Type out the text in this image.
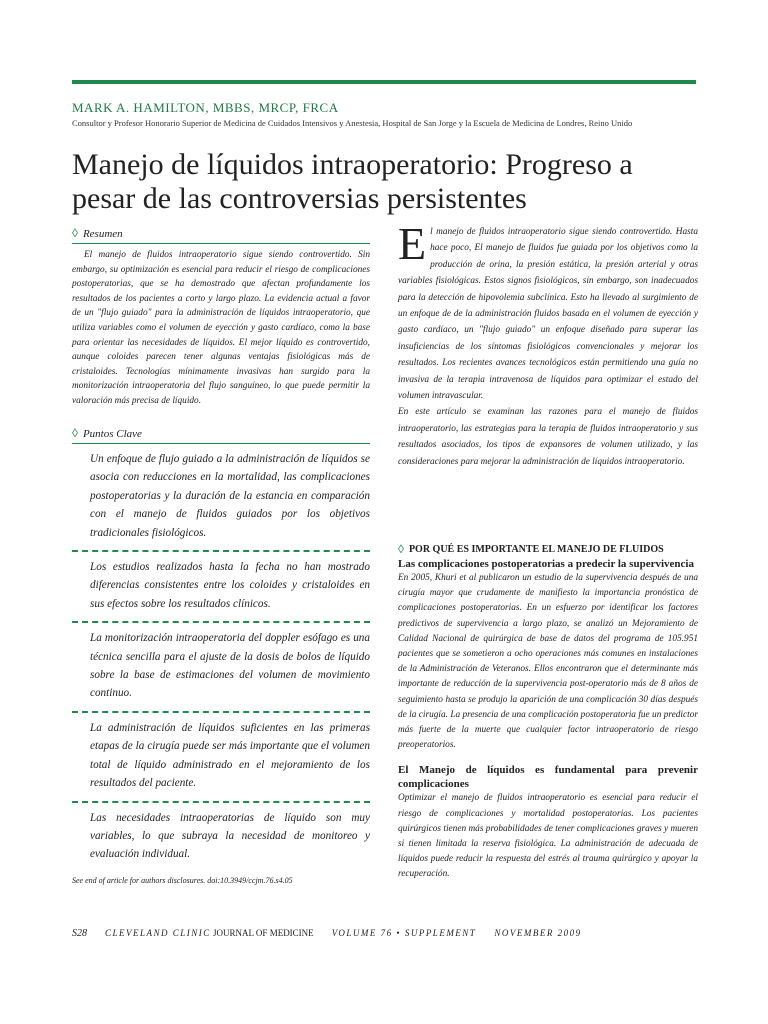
MARK A. HAMILTON, MBBS, MRCP, FRCA
Consultor y Profesor Honorario Superior de Medicina de Cuidados Intensivos y Anestesia, Hospital de San Jorge y la Escuela de Medicina de Londres, Reino Unido
Manejo de líquidos intraoperatorio: Progreso a pesar de las controversias persistentes
◊ Resumen
El manejo de fluidos intraoperatorio sigue siendo controvertido. Sin embargo, su optimización es esencial para reducir el riesgo de complicaciones postoperatorias, que se ha demostrado que afectan profundamente los resultados de los pacientes a corto y largo plazo. La evidencia actual a favor de un "flujo guiado" para la administración de líquidos intraoperatorio, que utiliza variables como el volumen de eyección y gasto cardíaco, como la base para orientar las necesidades de líquidos. El mejor líquido es controvertido, aunque coloides parecen tener algunas ventajas fisiológicas más de cristaloides. Tecnologías mínimamente invasivas han surgido para la monitorización intraoperatoria del flujo sanguíneo, lo que puede permitir la valoración más precisa de líquido.
◊ Puntos Clave
Un enfoque de flujo guiado a la administración de líquidos se asocia con reducciones en la mortalidad, las complicaciones postoperatorias y la duración de la estancia en comparación con el manejo de fluidos guiados por los objetivos tradicionales fisiológicos.
Los estudios realizados hasta la fecha no han mostrado diferencias consistentes entre los coloides y cristaloides en sus efectos sobre los resultados clínicos.
La monitorización intraoperatoria del doppler esófago es una técnica sencilla para el ajuste de la dosis de bolos de líquido sobre la base de estimaciones del volumen de movimiento continuo.
La administración de líquidos suficientes en las primeras etapas de la cirugía puede ser más importante que el volumen total de líquido administrado en el mejoramiento de los resultados del paciente.
Las necesidades intraoperatorias de líquido son muy variables, lo que subraya la necesidad de monitoreo y evaluación individual.
See end of article for authors disclosures. doi:10.3949/ccjm.76.s4.05
El manejo de fluidos intraoperatorio sigue siendo controvertido. Hasta hace poco, El manejo de fluidos fue guiada por los objetivos como la producción de orina, la presión estática, la presión arterial y otras variables fisiológicas. Estos signos fisiológicos, sin embargo, son inadecuados para la detección de hipovolemia subclínica. Esto ha llevado al surgimiento de un enfoque de de la administración fluidos basada en el volumen de eyección y gasto cardíaco, un "flujo guiado" un enfoque diseñado para superar las insuficiencias de los síntomas fisiológicos convencionales y mejorar los resultados. Los recientes avances tecnológicos están permitiendo una guía no invasiva de la terapia intravenosa de líquidos para optimizar el estado del volumen intravascular.
En este artículo se examinan las razones para el manejo de fluidos intraoperatorio, las estrategias para la terapia de fluidos intraoperatorio y sus resultados asociados, los tipos de expansores de volumen utilizado, y las consideraciones para mejorar la administración de líquidos intraoperatorio.
◊ POR QUÉ ES IMPORTANTE EL MANEJO DE FLUIDOS
Las complicaciones postoperatorias a predecir la supervivencia
En 2005, Khuri et al publicaron un estudio de la supervivencia después de una cirugía mayor que crudamente de manifiesto la importancia pronóstica de complicaciones postoperatorias. En un esfuerzo por identificar los factores predictivos de supervivencia a largo plazo, se analizó un Mejoramiento de Calidad Nacional de quirúrgica de base de datos del programa de 105.951 pacientes que se sometieron a ocho operaciones más comunes en instalaciones de la Administración de Veteranos. Ellos encontraron que el determinante más importante de reducción de la supervivencia post-operatorio más de 8 años de seguimiento hasta se produjo la aparición de una complicación 30 días después de la cirugía. La presencia de una complicación postoperatoria fue un predictor más fuerte de la muerte que cualquier factor intraoperatorio de riesgo preoperatorios.
El Manejo de líquidos es fundamental para prevenir complicaciones
Optimizar el manejo de fluidos intraoperatorio es esencial para reducir el riesgo de complicaciones y mortalidad postoperatorias. Los pacientes quirúrgicos tienen más probabilidades de tener complicaciones graves y mueren si tienen limitada la reserva fisiológica. La administración de adecuada de líquidos puede reducir la respuesta del estrés al trauma quirúrgico y apoyar la recuperación.
S28 CLEVELAND CLINIC JOURNAL OF MEDICINE VOLUME 76 • SUPPLEMENT NOVEMBER 2009
